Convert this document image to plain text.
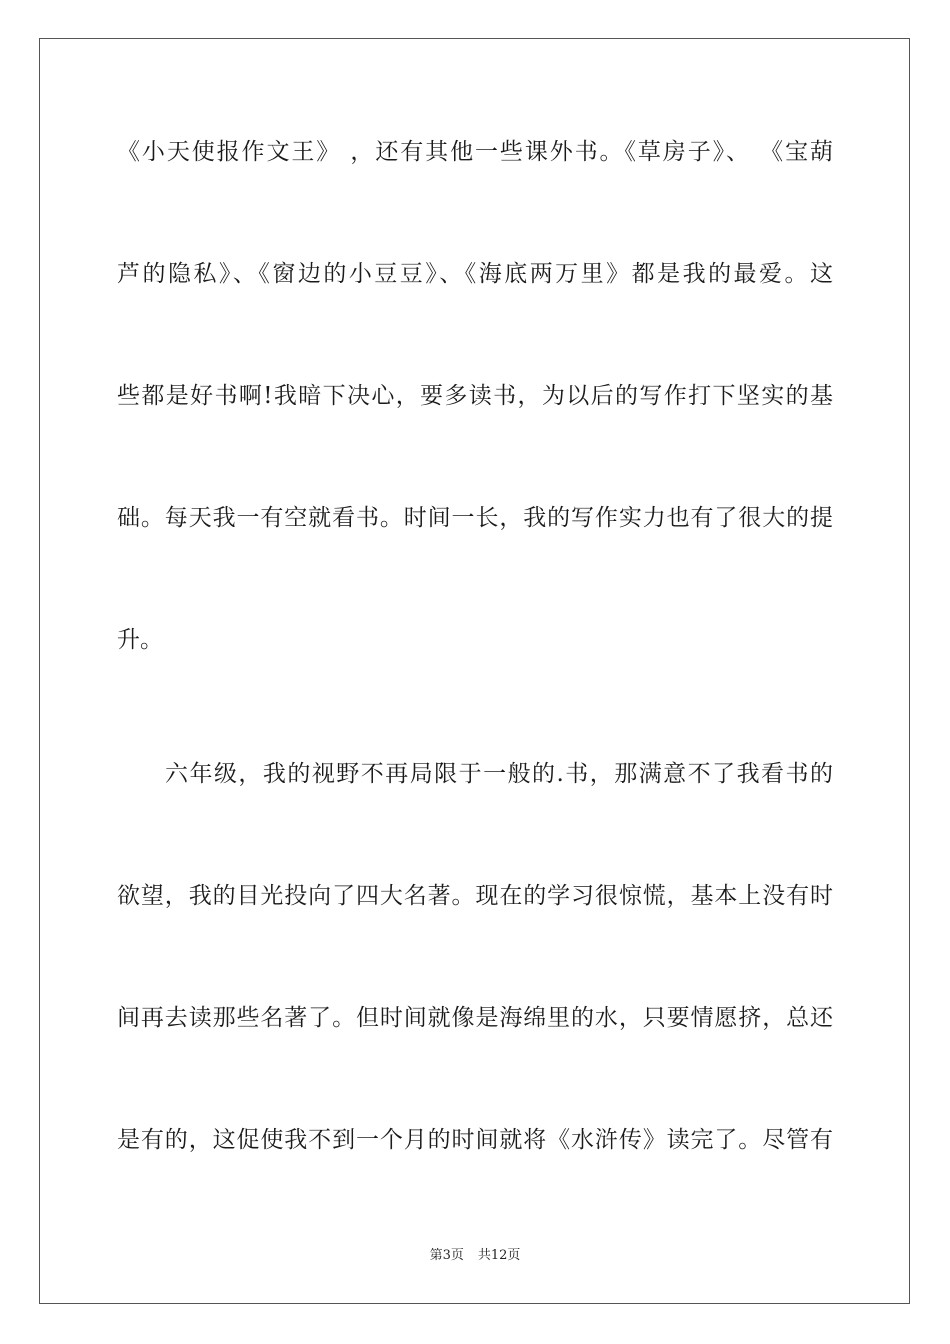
《小天使报作文王》 ，还有其他一些课外书。《草房子》、 《宝葫
芦的隐私》、《窗边的小豆豆》、《海底两万里》都是我的最爱。这
些都是好书啊!我暗下决心，要多读书，为以后的写作打下坚实的基
础。每天我一有空就看书。时间一长，我的写作实力也有了很大的提
升。
六年级，我的视野不再局限于一般的.书，那满意不了我看书的
欲望，我的目光投向了四大名著。现在的学习很惊慌，基本上没有时
间再去读那些名著了。但时间就像是海绵里的水，只要情愿挤，总还
是有的，这促使我不到一个月的时间就将《水浒传》读完了。尽管有
第3页 共12页
